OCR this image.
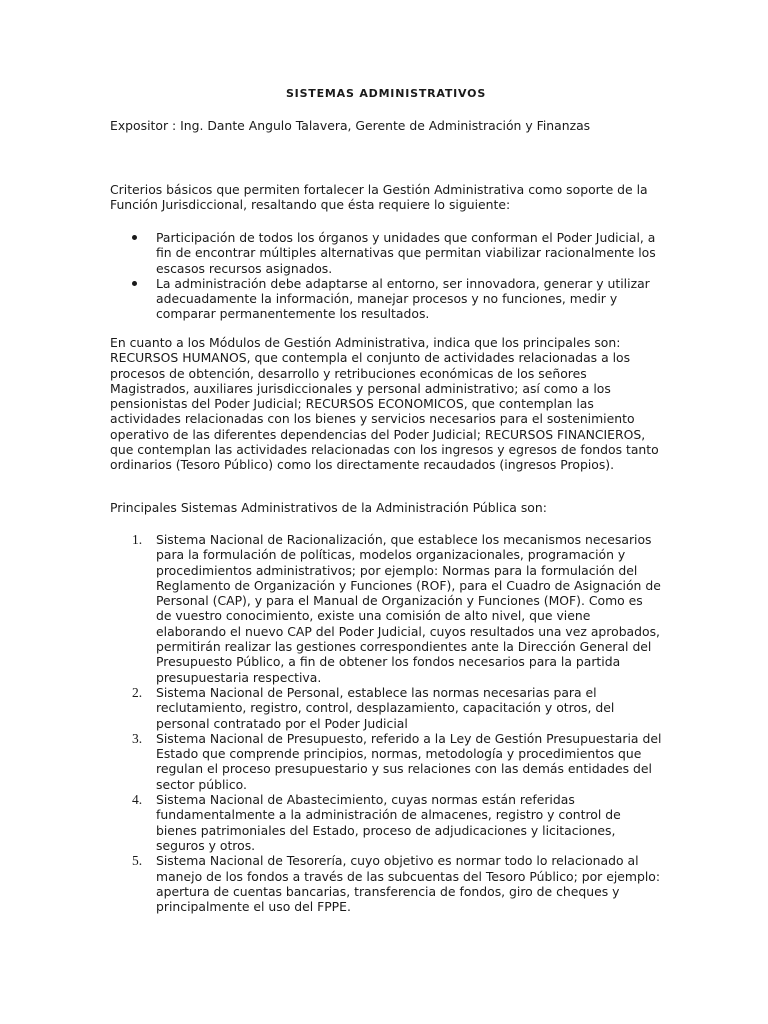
SISTEMAS ADMINISTRATIVOS

Expositor : Ing. Dante Angulo Talavera, Gerente de Administración y Finanzas

Criterios básicos que permiten fortalecer la Gestión Administrativa como soporte de la Función Jurisdiccional, resaltando que ésta requiere lo siguiente:

Participación de todos los órganos y unidades que conforman el Poder Judicial, a fin de encontrar múltiples alternativas que permitan viabilizar racionalmente los escasos recursos asignados.
La administración debe adaptarse al entorno, ser innovadora, generar y utilizar adecuadamente la información, manejar procesos y no funciones, medir y comparar permanentemente los resultados.

En cuanto a los Módulos de Gestión Administrativa, indica que los principales son: RECURSOS HUMANOS, que contempla el conjunto de actividades relacionadas a los procesos de obtención, desarrollo y retribuciones económicas de los señores Magistrados, auxiliares jurisdiccionales y personal administrativo; así como a los pensionistas del Poder Judicial; RECURSOS ECONOMICOS, que contemplan las actividades relacionadas con los bienes y servicios necesarios para el sostenimiento operativo de las diferentes dependencias del Poder Judicial; RECURSOS FINANCIEROS, que contemplan las actividades relacionadas con los ingresos y egresos de fondos tanto ordinarios (Tesoro Público) como los directamente recaudados (ingresos Propios).

Principales Sistemas Administrativos de la Administración Pública son:

1. Sistema Nacional de Racionalización, que establece los mecanismos necesarios para la formulación de políticas, modelos organizacionales, programación y procedimientos administrativos; por ejemplo: Normas para la formulación del Reglamento de Organización y Funciones (ROF), para el Cuadro de Asignación de Personal (CAP), y para el Manual de Organización y Funciones (MOF). Como es de vuestro conocimiento, existe una comisión de alto nivel, que viene elaborando el nuevo CAP del Poder Judicial, cuyos resultados una vez aprobados, permitirán realizar las gestiones correspondientes ante la Dirección General del Presupuesto Público, a fin de obtener los fondos necesarios para la partida presupuestaria respectiva.
2. Sistema Nacional de Personal, establece las normas necesarias para el reclutamiento, registro, control, desplazamiento, capacitación y otros, del personal contratado por el Poder Judicial
3. Sistema Nacional de Presupuesto, referido a la Ley de Gestión Presupuestaria del Estado que comprende principios, normas, metodología y procedimientos que regulan el proceso presupuestario y sus relaciones con las demás entidades del sector público.
4. Sistema Nacional de Abastecimiento, cuyas normas están referidas fundamentalmente a la administración de almacenes, registro y control de bienes patrimoniales del Estado, proceso de adjudicaciones y licitaciones, seguros y otros.
5. Sistema Nacional de Tesorería, cuyo objetivo es normar todo lo relacionado al manejo de los fondos a través de las subcuentas del Tesoro Público; por ejemplo: apertura de cuentas bancarias, transferencia de fondos, giro de cheques y principalmente el uso del FPPE.
